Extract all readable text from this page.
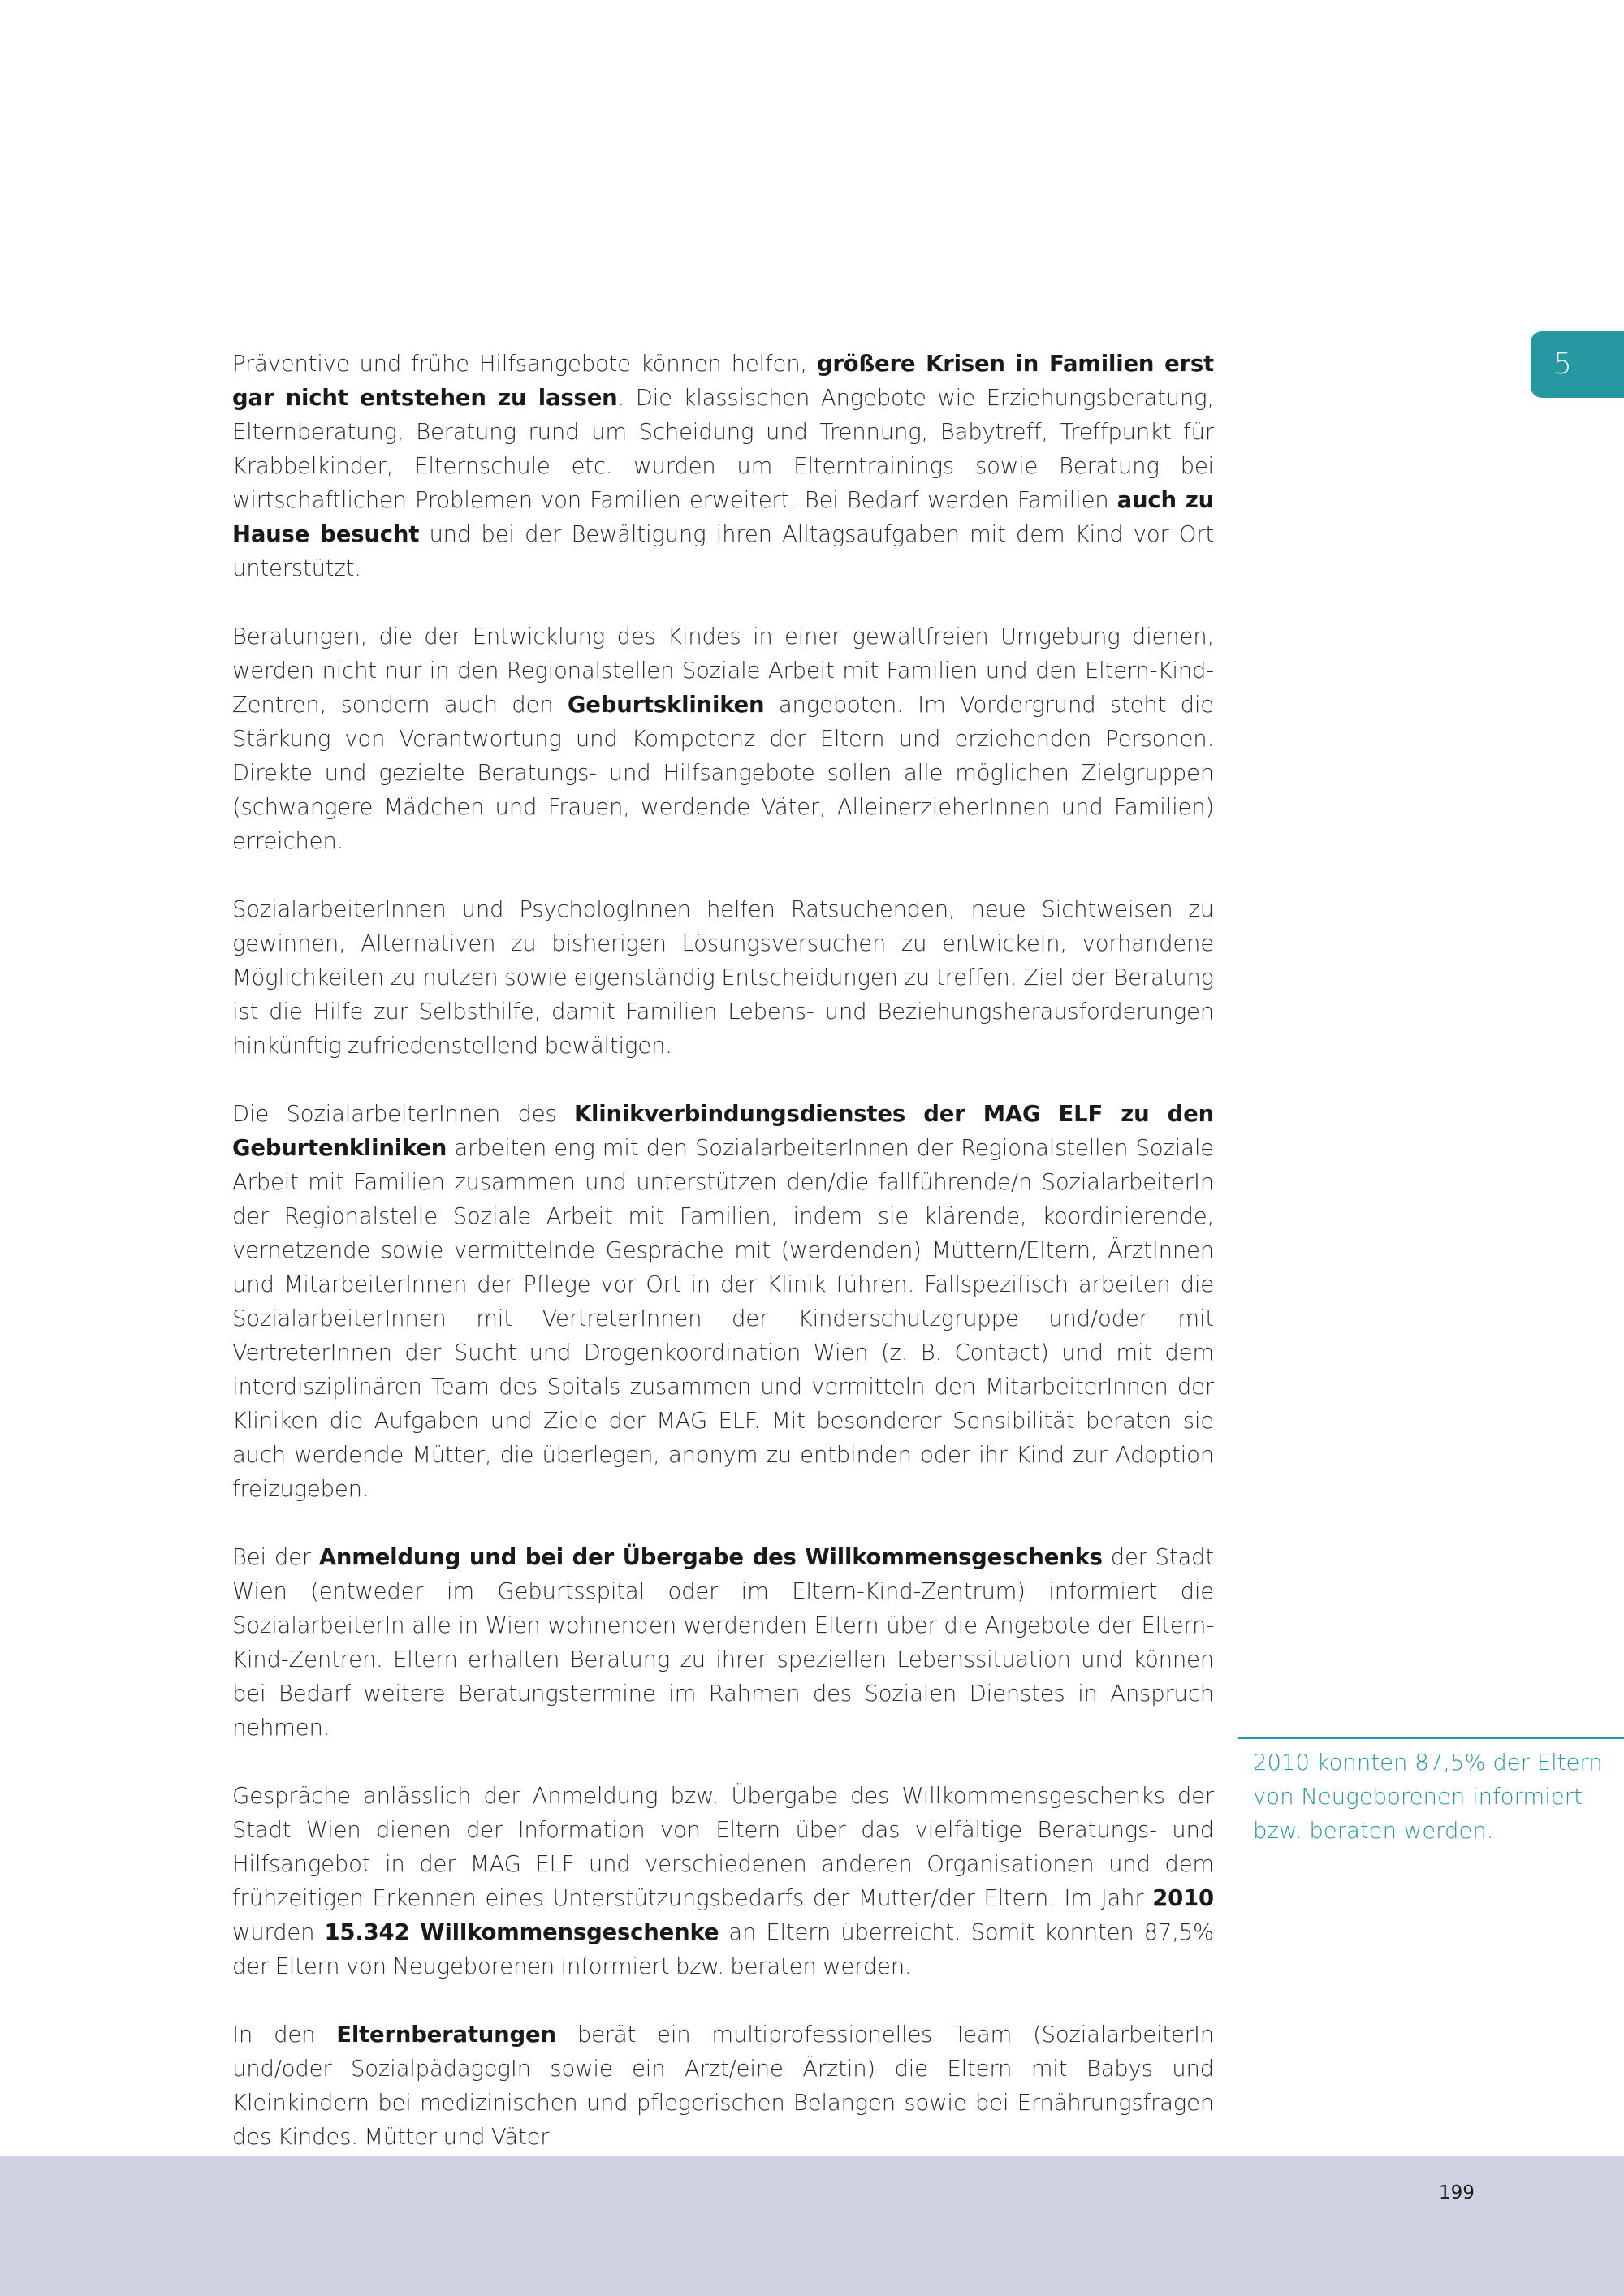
5

Präventive und frühe Hilfsangebote können helfen, größere Krisen in Familien erst gar nicht entstehen zu lassen. Die klassischen Angebote wie Erziehungsberatung, Elternberatung, Beratung rund um Scheidung und Trennung, Babytreff, Treffpunkt für Krabbelkinder, Elternschule etc. wurden um Elterntrainings sowie Beratung bei wirtschaftlichen Problemen von Familien erweitert. Bei Bedarf werden Familien auch zu Hause besucht und bei der Bewältigung ihren Alltagsaufgaben mit dem Kind vor Ort unterstützt.

Beratungen, die der Entwicklung des Kindes in einer gewaltfreien Umgebung dienen, werden nicht nur in den Regionalstellen Soziale Arbeit mit Familien und den Eltern-Kind-Zentren, sondern auch den Geburtskliniken angeboten. Im Vordergrund steht die Stärkung von Verantwortung und Kompetenz der Eltern und erziehenden Personen. Direkte und gezielte Beratungs- und Hilfsangebote sollen alle möglichen Zielgruppen (schwangere Mädchen und Frauen, werdende Väter, AlleinerzieherInnen und Familien) erreichen.

SozialarbeiterInnen und PsychologInnen helfen Ratsuchenden, neue Sichtweisen zu gewinnen, Alternativen zu bisherigen Lösungsversuchen zu entwickeln, vorhandene Möglichkeiten zu nutzen sowie eigenständig Entscheidungen zu treffen. Ziel der Beratung ist die Hilfe zur Selbsthilfe, damit Familien Lebens- und Beziehungsherausforderungen hinkünftig zufriedenstellend bewältigen.

Die SozialarbeiterInnen des Klinikverbindungsdienstes der MAG ELF zu den Geburtenkliniken arbeiten eng mit den SozialarbeiterInnen der Regionalstellen Soziale Arbeit mit Familien zusammen und unterstützen den/die fallführende/n SozialarbeiterIn der Regionalstelle Soziale Arbeit mit Familien, indem sie klärende, koordinierende, vernetzende sowie vermittelnde Gespräche mit (werdenden) Müttern/Eltern, ÄrztInnen und MitarbeiterInnen der Pflege vor Ort in der Klinik führen. Fallspezifisch arbeiten die SozialarbeiterInnen mit VertreterInnen der Kinderschutzgruppe und/oder mit VertreterInnen der Sucht und Drogenkoordination Wien (z. B. Contact) und mit dem interdisziplinären Team des Spitals zusammen und vermitteln den MitarbeiterInnen der Kliniken die Aufgaben und Ziele der MAG ELF. Mit besonderer Sensibilität beraten sie auch werdende Mütter, die überlegen, anonym zu entbinden oder ihr Kind zur Adoption freizugeben.

Bei der Anmeldung und bei der Übergabe des Willkommensgeschenks der Stadt Wien (entweder im Geburtsspital oder im Eltern-Kind-Zentrum) informiert die SozialarbeiterIn alle in Wien wohnenden werdenden Eltern über die Angebote der Eltern-Kind-Zentren. Eltern erhalten Beratung zu ihrer speziellen Lebenssituation und können bei Bedarf weitere Beratungstermine im Rahmen des Sozialen Dienstes in Anspruch nehmen.

Gespräche anlässlich der Anmeldung bzw. Übergabe des Willkommensgeschenks der Stadt Wien dienen der Information von Eltern über das vielfältige Beratungs- und Hilfsangebot in der MAG ELF und verschiedenen anderen Organisationen und dem frühzeitigen Erkennen eines Unterstützungsbedarfs der Mutter/der Eltern. Im Jahr 2010 wurden 15.342 Willkommensgeschenke an Eltern überreicht. Somit konnten 87,5% der Eltern von Neugeborenen informiert bzw. beraten werden.

In den Elternberatungen berät ein multiprofessionelles Team (SozialarbeiterIn und/oder SozialpädagogIn sowie ein Arzt/eine Ärztin) die Eltern mit Babys und Kleinkindern bei medizinischen und pflegerischen Belangen sowie bei Ernährungsfragen des Kindes. Mütter und Väter

2010 konnten 87,5% der Eltern von Neugeborenen informiert bzw. beraten werden.
199
